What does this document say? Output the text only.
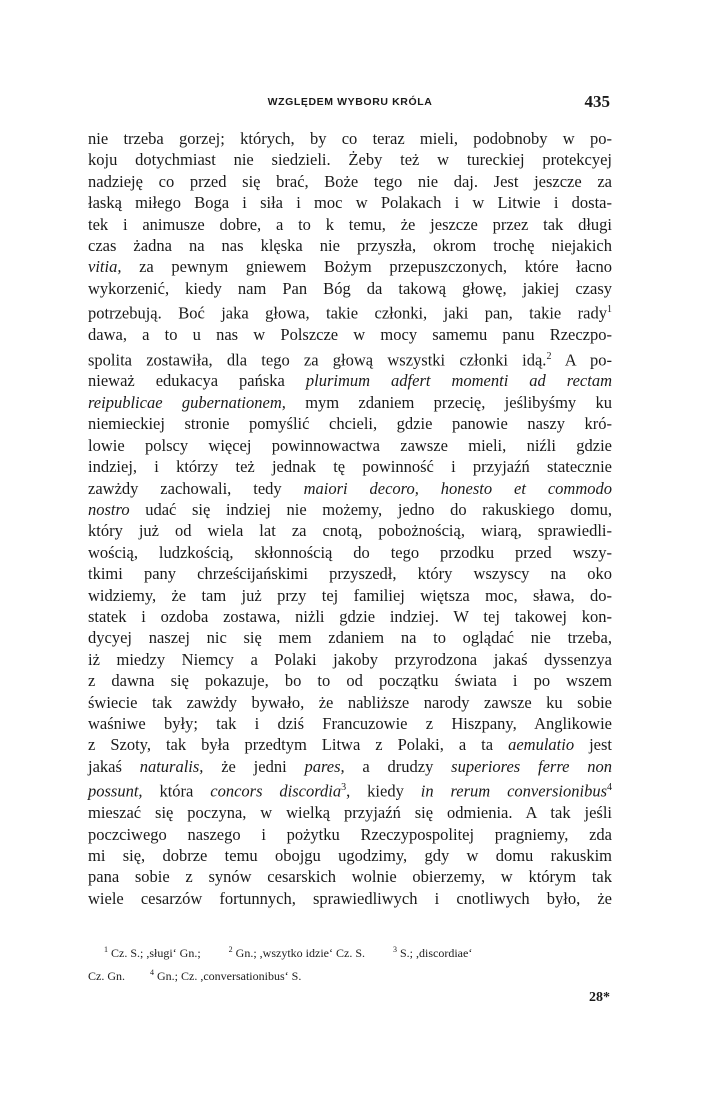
WZGLĘDEM WYBORU KRÓLA	435
nie trzeba gorzej; których, by co teraz mieli, podobnoby w po-
koju dotychmiast nie siedzieli. Żeby też w tureckiej protekcyej
nadzieję co przed się brać, Boże tego nie daj. Jest jeszcze za
łaską miłego Boga i siła i moc w Polakach i w Litwie i dosta-
tek i animusze dobre, a to k temu, że jeszcze przez tak długi
czas żadna na nas klęska nie przyszła, okrom trochę niejakich
vitia, za pewnym gniewem Bożym przepuszczonych, które łacno
wykorzenić, kiedy nam Pan Bóg da takową głowę, jakiej czasy
potrzebują. Boć jaka głowa, takie członki, jaki pan, takie rady$^1$
dawa, a to u nas w Polszcze w mocy samemu panu Rzeczpo-
spolita zostawiła, dla tego za głową wszystki członki idą.$^2$ A po-
nieważ edukacya pańska plurimum adfert momenti ad rectam
reipublicae gubernationem, mym zdaniem przecię, jeślibyśmy ku
niemieckiej stronie pomyślić chcieli, gdzie panowie naszy kró-
lowie polscy więcej powinnowactwa zawsze mieli, niźli gdzie
indziej, i którzy też jednak tę powinność i przyjaźń statecznie
zawżdy zachowali, tedy maiori decoro, honesto et commodo
nostro udać się indziej nie możemy, jedno do rakuskiego domu,
który już od wiela lat za cnotą, pobożnością, wiarą, sprawiedli-
wością, ludzkością, skłonnością do tego przodku przed wszy-
tkimi pany chrześcijańskimi przyszedł, który wszyscy na oko
widziemy, że tam już przy tej familiej więtsza moc, sława, do-
statek i ozdoba zostawa, niżli gdzie indziej. W tej takowej kon-
dycyej naszej nic się mem zdaniem na to oglądać nie trzeba,
iż miedzy Niemcy a Polaki jakoby przyrodzona jakaś dyssenzya
z dawna się pokazuje, bo to od początku świata i po wszem
świecie tak zawżdy bywało, że nabliższe narody zawsze ku sobie
waśniwe były; tak i dziś Francuzowie z Hiszpany, Anglikowie
z Szoty, tak była przedtym Litwa z Polaki, a ta aemulatio jest
jakaś naturalis, że jedni pares, a drudzy superiores ferre non
possunt, która concors discordia$^3$, kiedy in rerum conversionibus$^4$
mieszać się poczyna, w wielką przyjaźń się odmienia. A tak jeśli
poczciwego naszego i pożytku Rzeczypospolitej pragniemy, zda
mi się, dobrze temu obojgu ugodzimy, gdy w domu rakuskim
pana sobie z synów cesarskich wolnie obierzemy, w którym tak
wiele cesarzów fortunnych, sprawiedliwych i cnotliwych było, że
$^1$ Cz. S.; ,sługi‘ Gn.;	$^2$ Gn.; ,wszytko idzie‘ Cz. S.	$^3$ S.; ,discordiae‘
Cz. Gn.	$^4$ Gn.; Cz. ,conversationibus‘ S.
28*
